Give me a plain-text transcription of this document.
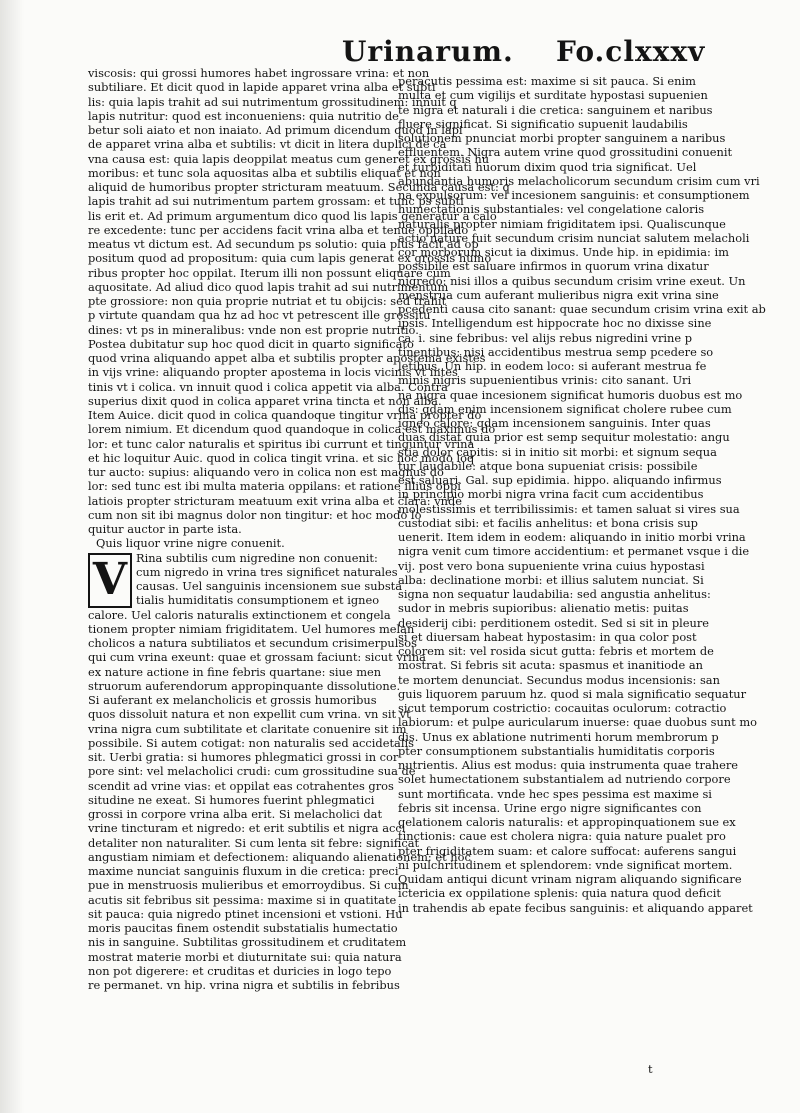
Urinarum. Fo.clxxxv
viscosis: qui grossi humores habet ingrossare vrina: et non
subtiliare. Et dicit quod in lapide apparet vrina alba et subti
lis: quia lapis trahit ad sui nutrimentum grossitudinem: innuit q
lapis nutritur: quod est inconueniens: quia nutritio de
betur soli aiato et non inaiato. Ad primum dicendum quod in lapi
de apparet vrina alba et subtilis: vt dicit in litera duplici de ca
vna causa est: quia lapis deoppilat meatus cum generet ex grossis hu
moribus: et tunc sola aquositas alba et subtilis eliquat et non
aliquid de humoribus propter stricturam meatuum. Secunda causa est: q
lapis trahit ad sui nutrimentum partem grossam: et tunc ps subti
lis erit et. Ad primum argumentum dico quod lis lapis generatur a calo
re excedente: tunc per accidens facit vrina alba et tenue oppilado
meatus vt dictum est. Ad secundum ps solutio: quia plus facit ad op
positum quod ad propositum: quia cum lapis generat ex grossis humo
ribus propter hoc oppilat. Iterum illi non possunt eliquare cum
aquositate. Ad aliud dico quod lapis trahit ad sui nutrimentum
pte grossiore: non quia proprie nutriat et tu obijcis: sed trahit
p virtute quandam qua hz ad hoc vt petrescent ille grossitu
dines: vt ps in mineralibus: vnde non est proprie nutritio.
Postea dubitatur sup hoc quod dicit in quarto significato
quod vrina aliquando appet alba et subtilis propter apostema existes
in vijs vrine: aliquando propter apostema in locis vicinis vt intes
tinis vt i colica. vn innuit quod i colica appetit via alba. Contra
superius dixit quod in colica apparet vrina tincta et non alba.
Item Auice. dicit quod in colica quandoque tingitur vrina propter do
lorem nimium. Et dicendum quod quandoque in colica est maximus do
lor: et tunc calor naturalis et spiritus ibi currunt et tinguntur vrina
et hic loquitur Auic. quod in colica tingit vrina. et sic hoc modo loq
tur aucto: supius: aliquando vero in colica non est magnus do
lor: sed tunc est ibi multa materia oppilans: et ratione illius oppi
latiois propter stricturam meatuum exit vrina alba et clara: vnde
cum non sit ibi magnus dolor non tingitur: et hoc modo lo
quitur auctor in parte ista.
Quis liquor vrine nigre conuenit.
V Rina subtilis cum nigredine non conuenit:
cum nigredo in vrina tres significet naturales
causas. Uel sanguinis incensionem sue substa
tialis humiditatis consumptionem et igneo
calore. Uel caloris naturalis extinctionem et congela
tionem propter nimiam frigiditatem. Uel humores melan
cholicos a natura subtiliatos et secundum crisimerpulsos
qui cum vrina exeunt: quae et grossam faciunt: sicut vrina
ex nature actione in fine febris quartane: siue men
struorum auferendorum appropinquante dissolutione.
Si auferant ex melancholicis et grossis humoribus
quos dissoluit natura et non expellit cum vrina. vn sit vt
vrina nigra cum subtilitate et claritate conuenire sit im
possibile. Si autem cotigat: non naturalis sed accidetalis
sit. Uerbi gratia: si humores phlegmatici grossi in cor
pore sint: vel melacholici crudi: cum grossitudine sua de
scendit ad vrine vias: et oppilat eas cotrahentes gros
situdine ne exeat. Si humores fuerint phlegmatici
grossi in corpore vrina alba erit. Si melacholici dat
vrine tincturam et nigredo: et erit subtilis et nigra acci
detaliter non naturaliter. Si cum lenta sit febre: significat
angustiam nimiam et defectionem: aliquando alienationem: et hoc
maxime nunciat sanguinis fluxum in die cretica: preci
pue in menstruosis mulieribus et emorroydibus. Si cum
acutis sit febribus sit pessima: maxime si in quatitate
sit pauca: quia nigredo ptinet incensioni et vstioni. Hu
moris paucitas finem ostendit substatialis humectatio
nis in sanguine. Subtilitas grossitudinem et cruditatem
mostrat materie morbi et diuturnitate sui: quia natura
non pot digerere: et cruditas et duricies in logo tepo
re permanet. vn hip. vrina nigra et subtilis in febribus
peracutis pessima est: maxime si sit pauca. Si enim
multa et cum vigilijs et surditate hypostasi supuenien
te nigra et naturali i die cretica: sanguinem et naribus
fluere significat. Si significatio supuenit laudabilis
solutionem pnunciat morbi propter sanguinem a naribus
effluentem. Nigra autem vrine quod grossitudini conuenit
et turbiditati huorum dixim quod tria significat. Uel
abundantia humoris melacholicorum secundum crisim cum vri
na expulsorum: vel incesionem sanguinis: et consumptionem
humectationis substantiales: vel congelatione caloris
naturalis propter nimiam frigiditatem ipsi. Qualiscunque
actio nature fuit secundum crisim nunciat salutem melacholi
cor morborum sicut ia diximus. Unde hip. in epidimia: im
possibile est saluare infirmos in quorum vrina dixatur
nigredo: nisi illos a quibus secundum crisim vrine exeut. Un
menstrua cum auferant mulieribus nigra exit vrina sine
pcedenti causa cito sanant: quae secundum crisim vrina exit ab
ipsis. Intelligendum est hippocrate hoc no dixisse sine
ca. i. sine febribus: vel alijs rebus nigredini vrine p
tinentibus: nisi accidentibus mestrua semp pcedere so
letibus. Un hip. in eodem loco: si auferant mestrua fe
minis nigris supuenientibus vrinis: cito sanant. Uri
na nigra quae incesionem significat humoris duobus est mo
dis: qdam enim incensionem significat cholere rubee cum
igneo calore: qdam incensionem sanguinis. Inter quas
duas distat quia prior est semp sequitur molestatio: angu
stia dolor capitis: si in initio sit morbi: et signum sequa
tur laudabile: atque bona supueniat crisis: possibile
est saluari. Gal. sup epidimia. hippo. aliquando infirmus
in principio morbi nigra vrina facit cum accidentibus
molestissimis et terribilissimis: et tamen saluat si vires sua
custodiat sibi: et facilis anhelitus: et bona crisis sup
uenerit. Item idem in eodem: aliquando in initio morbi vrina
nigra venit cum timore accidentium: et permanet vsque i die
vij. post vero bona supueniente vrina cuius hypostasi
alba: declinatione morbi: et illius salutem nunciat. Si
signa non sequatur laudabilia: sed angustia anhelitus:
sudor in mebris supioribus: alienatio metis: puitas
desiderij cibi: perditionem ostedit. Sed si sit in pleure
si et diuersam habeat hypostasim: in qua color post
colorem sit: vel rosida sicut gutta: febris et mortem de
mostrat. Si febris sit acuta: spasmus et inanitiode an
te mortem denunciat. Secundus modus incensionis: san
guis liquorem paruum hz. quod si mala significatio sequatur
sicut temporum costrictio: cocauitas oculorum: cotractio
labiorum: et pulpe auricularum inuerse: quae duobus sunt mo
dis. Unus ex ablatione nutrimenti horum membrorum p
pter consumptionem substantialis humiditatis corporis
nutrientis. Alius est modus: quia instrumenta quae trahere
solet humectationem substantialem ad nutriendo corpore
sunt mortificata. vnde hec spes pessima est maxime si
febris sit incensa. Urine ergo nigre significantes con
gelationem caloris naturalis: et appropinquationem sue ex
tinctionis: caue est cholera nigra: quia nature pualet pro
pter frigiditatem suam: et calore suffocat: auferens sangui
ni pulchritudinem et splendorem: vnde significat mortem.
Quidam antiqui dicunt vrinam nigram aliquando significare
ictericia ex oppilatione splenis: quia natura quod deficit
in trahendis ab epate fecibus sanguinis: et aliquando apparet
t
